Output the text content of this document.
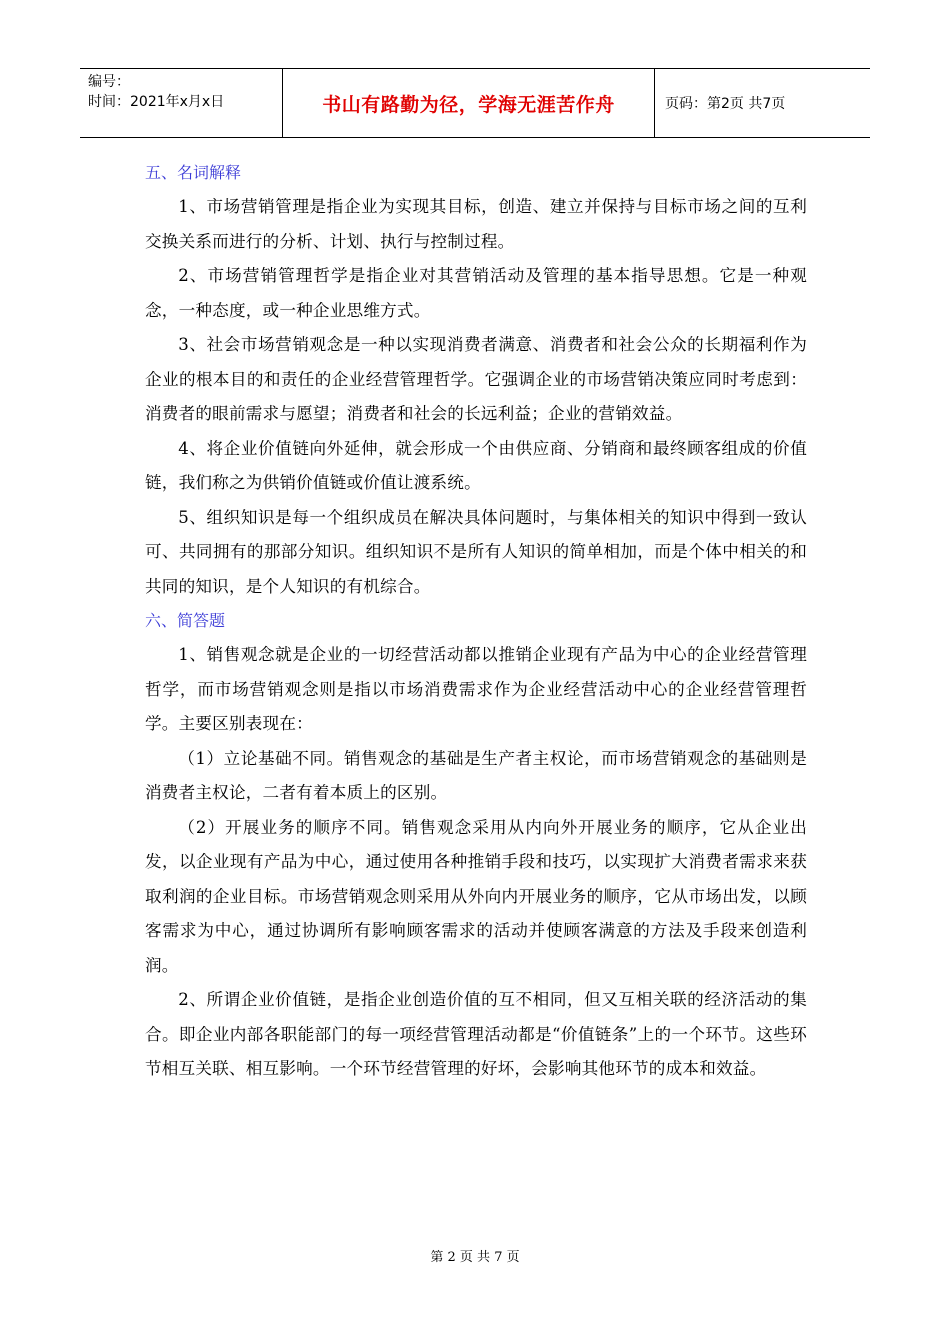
编号：
时间：2021年x月x日	书山有路勤为径，学海无涯苦作舟	页码：第2页 共7页
五、名词解释

1、市场营销管理是指企业为实现其目标，创造、建立并保持与目标市场之间的互利交换关系而进行的分析、计划、执行与控制过程。

2、市场营销管理哲学是指企业对其营销活动及管理的基本指导思想。它是一种观念，一种态度，或一种企业思维方式。

3、社会市场营销观念是一种以实现消费者满意、消费者和社会公众的长期福利作为企业的根本目的和责任的企业经营管理哲学。它强调企业的市场营销决策应同时考虑到：消费者的眼前需求与愿望；消费者和社会的长远利益；企业的营销效益。

4、将企业价值链向外延伸，就会形成一个由供应商、分销商和最终顾客组成的价值链，我们称之为供销价值链或价值让渡系统。

5、组织知识是每一个组织成员在解决具体问题时，与集体相关的知识中得到一致认可、共同拥有的那部分知识。组织知识不是所有人知识的简单相加，而是个体中相关的和共同的知识，是个人知识的有机综合。

六、简答题

1、销售观念就是企业的一切经营活动都以推销企业现有产品为中心的企业经营管理哲学，而市场营销观念则是指以市场消费需求作为企业经营活动中心的企业经营管理哲学。主要区别表现在：

（1）立论基础不同。销售观念的基础是生产者主权论，而市场营销观念的基础则是消费者主权论，二者有着本质上的区别。

（2）开展业务的顺序不同。销售观念采用从内向外开展业务的顺序，它从企业出发，以企业现有产品为中心，通过使用各种推销手段和技巧，以实现扩大消费者需求来获取利润的企业目标。市场营销观念则采用从外向内开展业务的顺序，它从市场出发，以顾客需求为中心，通过协调所有影响顾客需求的活动并使顾客满意的方法及手段来创造利润。

2、所谓企业价值链，是指企业创造价值的互不相同，但又互相关联的经济活动的集合。即企业内部各职能部门的每一项经营管理活动都是“价值链条”上的一个环节。这些环节相互关联、相互影响。一个环节经营管理的好坏，会影响其他环节的成本和效益。

第 2 页 共 7 页
